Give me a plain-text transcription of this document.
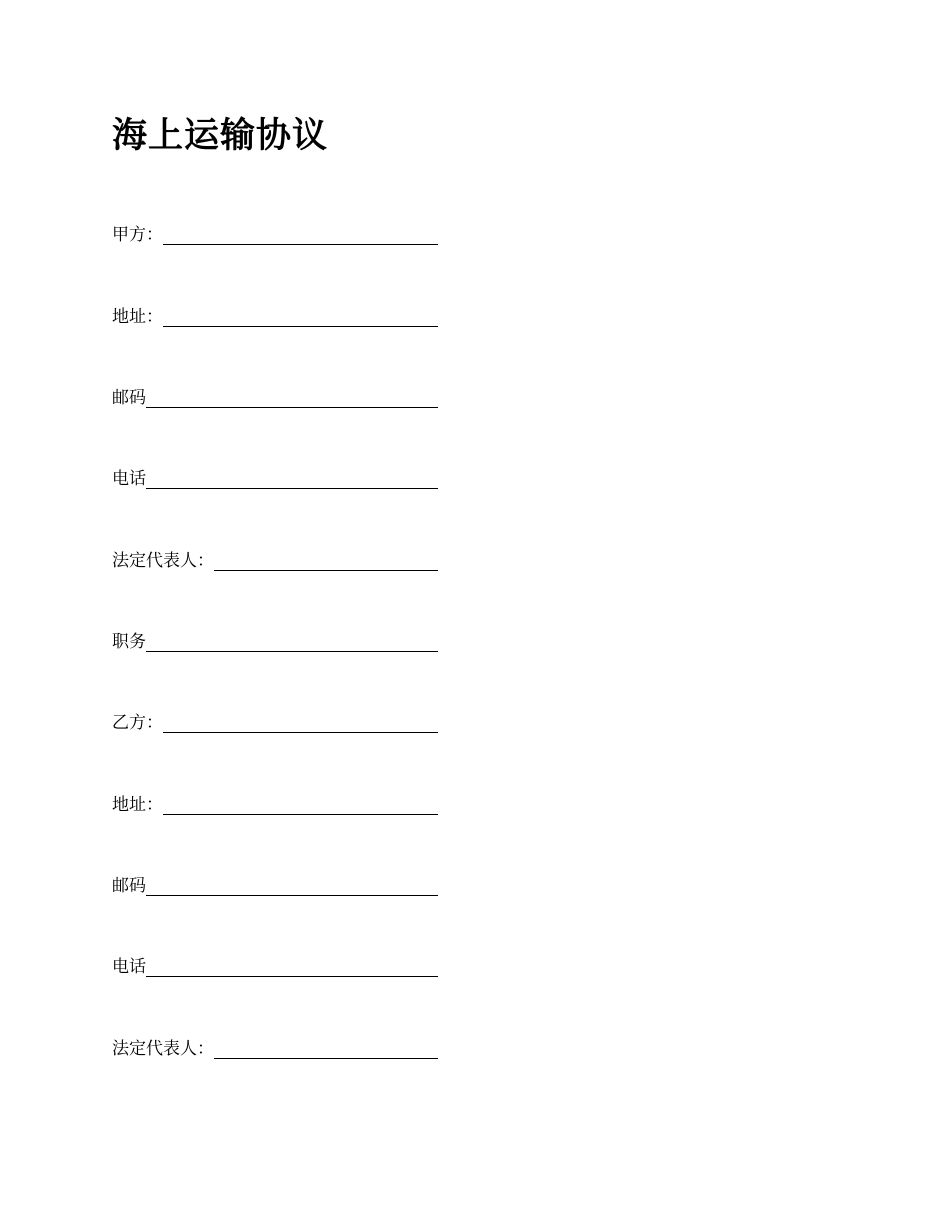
海上运输协议
甲方：
地址：
邮码
电话
法定代表人：
职务
乙方：
地址：
邮码
电话
法定代表人：
